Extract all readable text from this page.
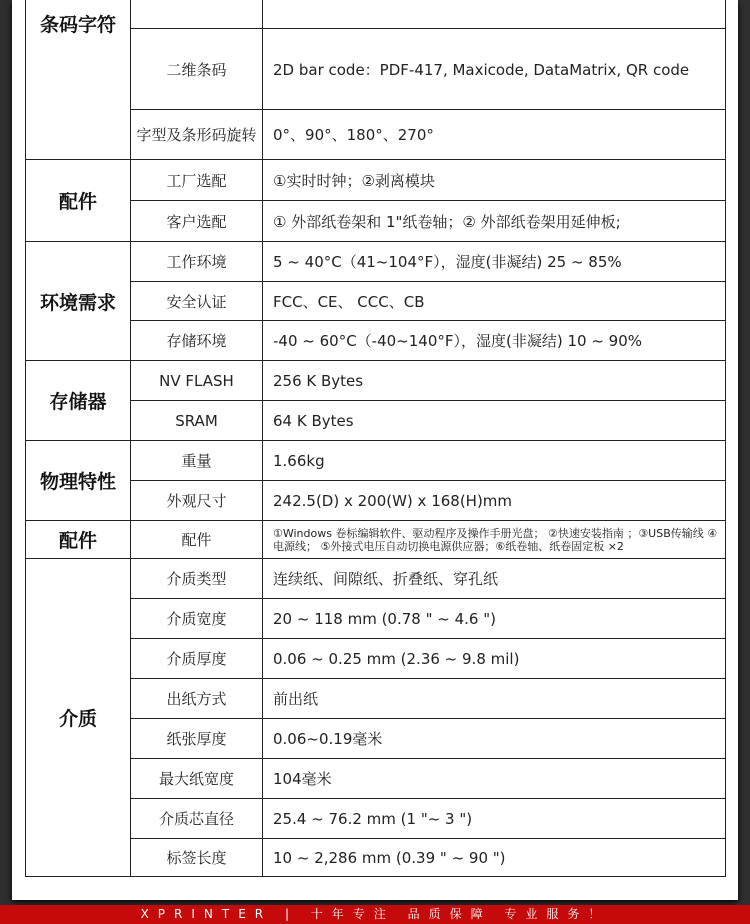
条码字符		
	二维条码	2D bar code：PDF-417, Maxicode, DataMatrix, QR code
	字型及条形码旋转	0°、90°、180°、270°
配件	工厂选配	①实时时钟；②剥离模块
	客户选配	① 外部纸卷架和 1"纸卷轴；② 外部纸卷架用延伸板;
环境需求	工作环境	5 ~ 40°C（41~104°F），湿度(非凝结) 25 ~ 85%
	安全认证	FCC、CE、 CCC、CB
	存储环境	-40 ~ 60°C（-40~140°F），湿度(非凝结) 10 ~ 90%
存储器	NV FLASH	256 K Bytes
	SRAM	64 K Bytes
物理特性	重量	1.66kg
	外观尺寸	242.5(D) x 200(W) x 168(H)mm
配件	配件	①Windows 卷标编辑软件、驱动程序及操作手册光盘； ②快速安装指南 ；③USB传输线 ④电源线； ⑤外接式电压自动切换电源供应器；⑥纸卷轴、纸卷固定板 ×2
介质	介质类型	连续纸、间隙纸、折叠纸、穿孔纸
	介质宽度	20 ~ 118 mm (0.78 " ~ 4.6 ")
	介质厚度	0.06 ~ 0.25 mm (2.36 ~ 9.8 mil)
	出纸方式	前出纸
	纸张厚度	0.06~0.19毫米
	最大纸宽度	104毫米
	介质芯直径	25.4 ~ 76.2 mm (1 "~ 3 ")
	标签长度	10 ~ 2,286 mm (0.39 " ~ 90 ")
XPRINTER | 十年专注 品质保障 专业服务！
